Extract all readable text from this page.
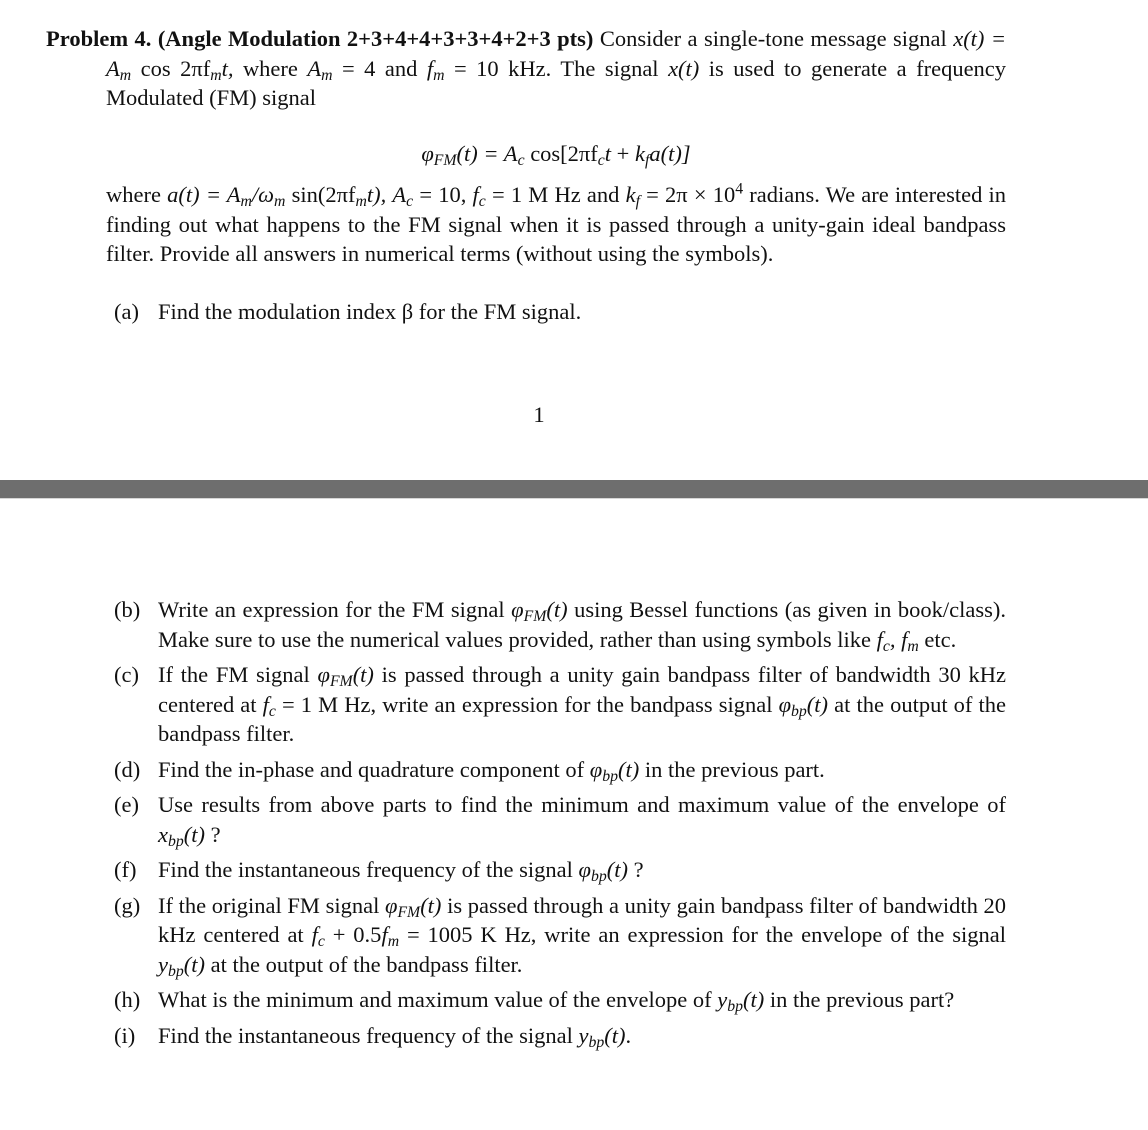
Problem 4. (Angle Modulation 2+3+4+4+3+3+4+2+3 pts) Consider a single-tone message signal $x(t) = A_m$ $\cos 2\pi f_mt$, where $A_m = 4$ and $f_m = 10$ kHz. The signal x(t) is used to generate a frequency Modulated (FM) signal

$\varphi_{FM}(t) = A_c$ $\cos[2\pi f_ct + k_fa(t)]$

where $a(t) = A_m/\omega_m$ $\sin(2\pi f_mt)$, $A_c = 10$, $f_c = 1$ M Hz and $k_f = 2\pi \times 10^4$ radians. We are interested in finding out what happens to the FM signal when it is passed through a unity-gain ideal bandpass filter. Provide all answers in numerical terms (without using the symbols).

(a) Find the modulation index β for the FM signal.

1

(b) Write an expression for the FM signal $\varphi_{FM}(t)$ using Bessel functions (as given in book/class). Make sure to use the numerical values provided, rather than using symbols like $f_c$, $f_m$ etc.

(c) If the FM signal $\varphi_{FM}(t)$ is passed through a unity gain bandpass filter of bandwidth 30 kHz centered at $f_c = 1$ M Hz, write an expression for the bandpass signal $\varphi_{bp}(t)$ at the output of the bandpass filter.

(d) Find the in-phase and quadrature component of $\varphi_{bp}(t)$ in the previous part.

(e) Use results from above parts to find the minimum and maximum value of the envelope of $x_{bp}(t)$ ?

(f) Find the instantaneous frequency of the signal $\varphi_{bp}(t)$ ?

(g) If the original FM signal $\varphi_{FM}(t)$ is passed through a unity gain bandpass filter of bandwidth 20 kHz centered at $f_c + 0.5f_m = 1005$ K Hz, write an expression for the envelope of the signal $y_{bp}(t)$ at the output of the bandpass filter.

(h) What is the minimum and maximum value of the envelope of $y_{bp}(t)$ in the previous part?

(i) Find the instantaneous frequency of the signal $y_{bp}(t)$.
